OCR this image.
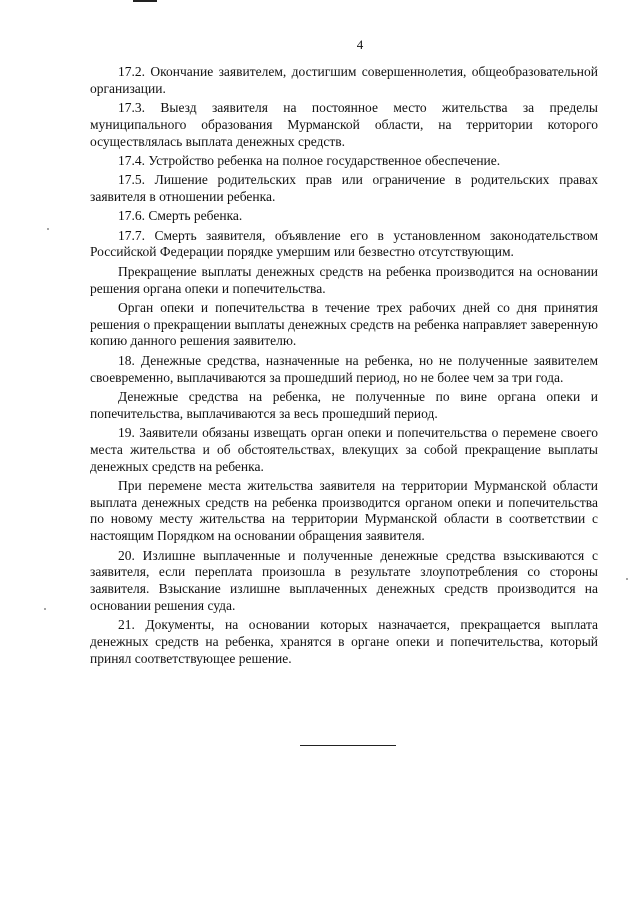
4

17.2. Окончание заявителем, достигшим совершеннолетия, общеобразовательной организации.

17.3. Выезд заявителя на постоянное место жительства за пределы муниципального образования Мурманской области, на территории которого осуществлялась выплата денежных средств.

17.4. Устройство ребенка на полное государственное обеспечение.

17.5. Лишение родительских прав или ограничение в родительских правах заявителя в отношении ребенка.

17.6. Смерть ребенка.

17.7. Смерть заявителя, объявление его в установленном законодательством Российской Федерации порядке умершим или безвестно отсутствующим.

Прекращение выплаты денежных средств на ребенка производится на основании решения органа опеки и попечительства.

Орган опеки и попечительства в течение трех рабочих дней со дня принятия решения о прекращении выплаты денежных средств на ребенка направляет заверенную копию данного решения заявителю.

18. Денежные средства, назначенные на ребенка, но не полученные заявителем своевременно, выплачиваются за прошедший период, но не более чем за три года.

Денежные средства на ребенка, не полученные по вине органа опеки и попечительства, выплачиваются за весь прошедший период.

19. Заявители обязаны извещать орган опеки и попечительства о перемене своего места жительства и об обстоятельствах, влекущих за собой прекращение выплаты денежных средств на ребенка.

При перемене места жительства заявителя на территории Мурманской области выплата денежных средств на ребенка производится органом опеки и попечительства по новому месту жительства на территории Мурманской области в соответствии с настоящим Порядком на основании обращения заявителя.

20. Излишне выплаченные и полученные денежные средства взыскиваются с заявителя, если переплата произошла в результате злоупотребления со стороны заявителя. Взыскание излишне выплаченных денежных средств производится на основании решения суда.

21. Документы, на основании которых назначается, прекращается выплата денежных средств на ребенка, хранятся в органе опеки и попечительства, который принял соответствующее решение.
